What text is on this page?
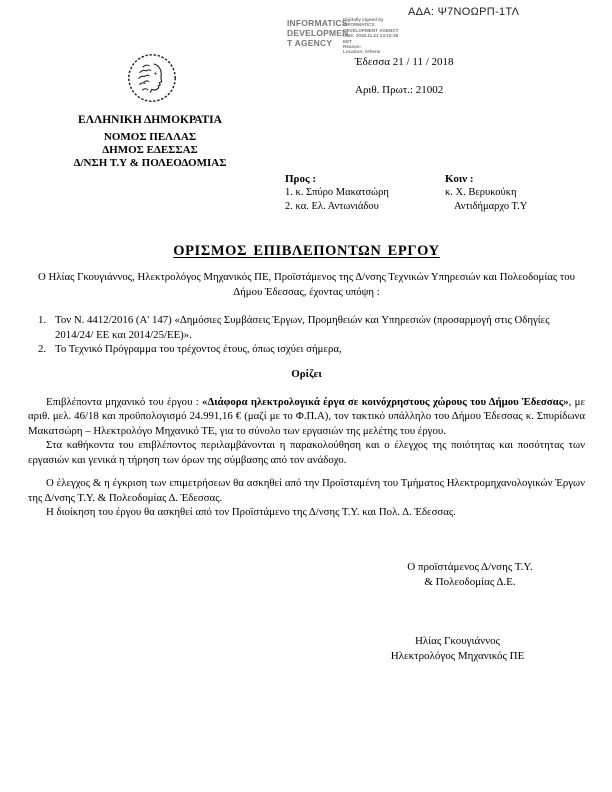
ΑΔΑ: Ψ7ΝΟΩΡΠ-1ΤΛ
INFORMATICS
DEVELOPMEN
T AGENCY
Digitally signed by
INFORMATICS
DEVELOPMENT AGENCY
Date: 2018.11.21 13:10:38
EET
Reason:
Location: Athens
Έδεσσα 21 / 11 / 2018
Αριθ. Πρωτ.: 21002
ΕΛΛΗΝΙΚΗ ΔΗΜΟΚΡΑΤΙΑ
ΝΟΜΟΣ ΠΕΛΛΑΣ
ΔΗΜΟΣ ΕΔΕΣΣΑΣ
Δ/ΝΣΗ Τ.Υ & ΠΟΛΕΟΔΟΜΙΑΣ
Προς :
1. κ. Σπύρο Μακατσώρη
2. κα. Ελ. Αντωνιάδου
Κοιν :
κ. Χ. Βερυκούκη
Αντιδήμαρχο Τ.Υ
ΟΡΙΣΜΟΣ ΕΠΙΒΛΕΠΟΝΤΩΝ ΕΡΓΟΥ
Ο Ηλίας Γκουγιάννος, Ηλεκτρολόγος Μηχανικός ΠΕ, Προϊστάμενος της Δ/νσης Τεχνικών Υπηρεσιών και Πολεοδομίας του Δήμου Έδεσσας, έχοντας υπόψη :
1. Τον Ν. 4412/2016 (Α' 147) «Δημόσιες Συμβάσεις Έργων, Προμηθειών και Υπηρεσιών (προσαρμογή στις Οδηγίες 2014/24/ ΕΕ και 2014/25/ΕΕ)».
2. Το Τεχνικό Πρόγραμμα του τρέχοντος έτους, όπως ισχύει σήμερα,
Ορίζει

Επιβλέποντα μηχανικό του έργου : «Διάφορα ηλεκτρολογικά έργα σε κοινόχρηστους χώρους του Δήμου Έδεσσας», με αριθ. μελ. 46/18 και προϋπολογισμό 24.991,16 € (μαζί με το Φ.Π.Α), τον τακτικό υπάλληλο του Δήμου Έδεσσας κ. Σπυρίδωνα Μακατσώρη – Ηλεκτρολόγο Μηχανικό ΤΕ, για το σύνολο των εργασιών της μελέτης του έργου.

Στα καθήκοντα του επιβλέποντος περιλαμβάνονται η παρακολούθηση και ο έλεγχος της ποιότητας και ποσότητας των εργασιών και γενικά η τήρηση των όρων της σύμβασης από τον ανάδοχο.

Ο έλεγχος & η έγκριση των επιμετρήσεων θα ασκηθεί από την Προϊσταμένη του Τμήματος Ηλεκτρομηχανολογικών Έργων της Δ/νσης Τ.Υ. & Πολεοδομίας Δ. Έδεσσας.

Η διοίκηση του έργου θα ασκηθεί από τον Προϊστάμενο της Δ/νσης Τ.Υ. και Πολ. Δ. Έδεσσας.

Ο προϊστάμενος Δ/νσης Τ.Υ.
& Πολεοδομίας Δ.Ε.
Ηλίας Γκουγιάννος
Ηλεκτρολόγος Μηχανικός ΠΕ
